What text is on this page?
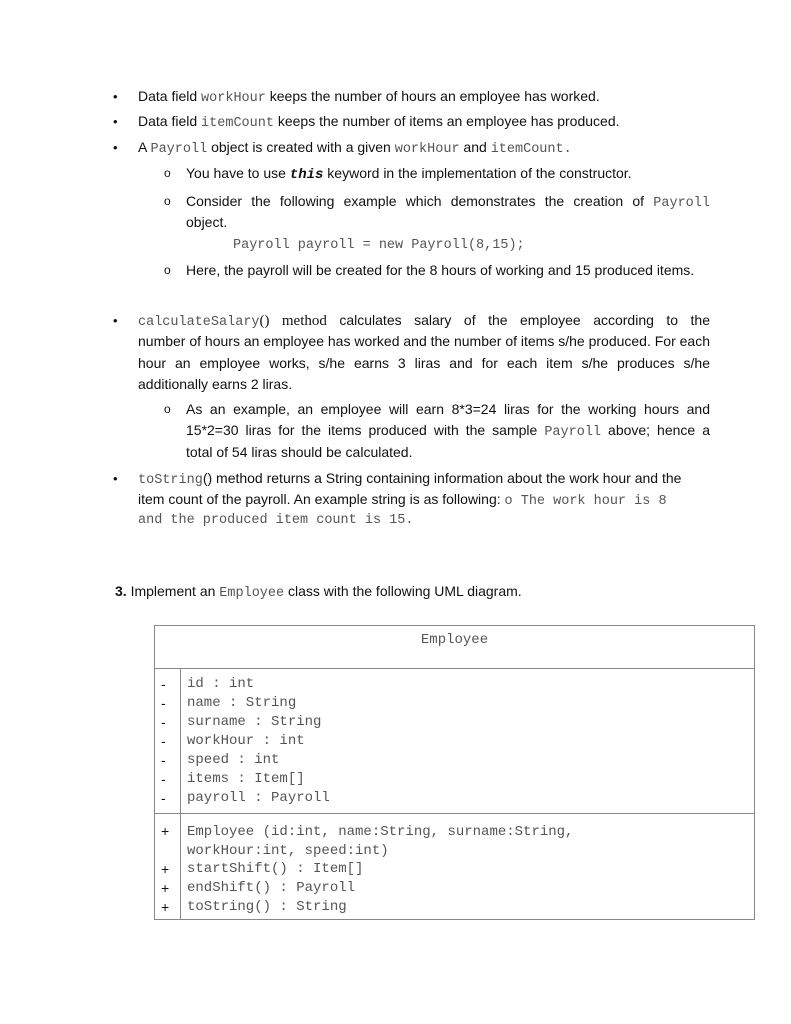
• Data field workHour keeps the number of hours an employee has worked.
• Data field itemCount keeps the number of items an employee has produced.
• A Payroll object is created with a given workHour and itemCount.
o You have to use this keyword in the implementation of the constructor.
o Consider the following example which demonstrates the creation of Payroll
object.
Payroll payroll = new Payroll(8,15);
o Here, the payroll will be created for the 8 hours of working and 15 produced items.
• calculateSalary() method calculates salary of the employee according to the
number of hours an employee has worked and the number of items s/he produced. For each
hour an employee works, s/he earns 3 liras and for each item s/he produces s/he
additionally earns 2 liras.
o As an example, an employee will earn 8*3=24 liras for the working hours and
15*2=30 liras for the items produced with the sample Payroll above; hence a
total of 54 liras should be calculated.
• toString() method returns a String containing information about the work hour and the
item count of the payroll. An example string is as following: o The work hour is 8
and the produced item count is 15.
3. Implement an Employee class with the following UML diagram.
Employee
- id : int
- name : String
- surname : String
- workHour : int
- speed : int
- items : Item[]
- payroll : Payroll
+ Employee (id:int, name:String, surname:String,
workHour:int, speed:int)
+ startShift() : Item[]
+ endShift() : Payroll
+ toString() : String
